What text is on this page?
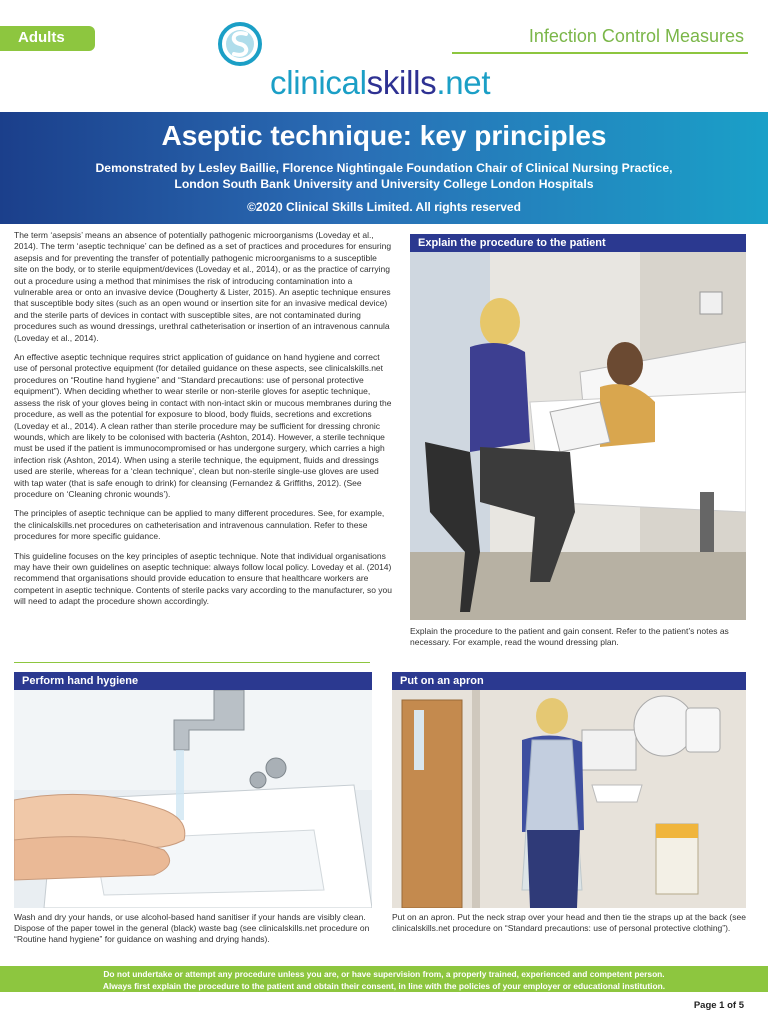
Adults	Infection Control Measures
clinicalskills.net
Aseptic technique: key principles
Demonstrated by Lesley Baillie, Florence Nightingale Foundation Chair of Clinical Nursing Practice,
London South Bank University and University College London Hospitals
©2020 Clinical Skills Limited. All rights reserved

The term ‘asepsis’ means an absence of potentially pathogenic microorganisms (Loveday et al., 2014). The term ‘aseptic technique’ can be defined as a set of practices and procedures for ensuring asepsis and for preventing the transfer of potentially pathogenic microorganisms to a susceptible site on the body, or to sterile equipment/devices (Loveday et al., 2014), or as the practice of carrying out a procedure using a method that minimises the risk of introducing contamination into a vulnerable area or onto an invasive device (Dougherty & Lister, 2015). An aseptic technique ensures that susceptible body sites (such as an open wound or insertion site for an invasive medical device) and the sterile parts of devices in contact with susceptible sites, are not contaminated during procedures such as wound dressings, urethral catheterisation or insertion of an intravenous cannula (Loveday et al., 2014).

An effective aseptic technique requires strict application of guidance on hand hygiene and correct use of personal protective equipment (for detailed guidance on these aspects, see clinicalskills.net procedures on “Routine hand hygiene” and “Standard precautions: use of personal protective equipment”). When deciding whether to wear sterile or non-sterile gloves for aseptic technique, assess the risk of your gloves being in contact with non-intact skin or mucous membranes during the procedure, as well as the potential for exposure to blood, body fluids, secretions and excretions (Loveday et al., 2014). A clean rather than sterile procedure may be sufficient for dressing chronic wounds, which are likely to be colonised with bacteria (Ashton, 2014). However, a sterile technique must be used if the patient is immunocompromised or has undergone surgery, which carries a high infection risk (Ashton, 2014). When using a sterile technique, the equipment, fluids and dressings used are sterile, whereas for a ‘clean technique’, clean but non-sterile single-use gloves are used with tap water (that is safe enough to drink) for cleansing (Fernandez & Griffiths, 2012). (See procedure on ‘Cleaning chronic wounds’).

The principles of aseptic technique can be applied to many different procedures. See, for example, the clinicalskills.net procedures on catheterisation and intravenous cannulation. Refer to these procedures for more specific guidance.

This guideline focuses on the key principles of aseptic technique. Note that individual organisations may have their own guidelines on aseptic technique: always follow local policy. Loveday et al. (2014) recommend that organisations should provide education to ensure that healthcare workers are competent in aseptic technique. Contents of sterile packs vary according to the manufacturer, so you will need to adapt the procedure shown accordingly.

Explain the procedure to the patient
Explain the procedure to the patient and gain consent. Refer to the patient’s notes as necessary. For example, read the wound dressing plan.
Perform hand hygiene
Wash and dry your hands, or use alcohol-based hand sanitiser if your hands are visibly clean. Dispose of the paper towel in the general (black) waste bag (see clinicalskills.net procedure on “Routine hand hygiene” for guidance on washing and drying hands).
Put on an apron
Put on an apron. Put the neck strap over your head and then tie the straps up at the back (see clinicalskills.net procedure on “Standard precautions: use of personal protective clothing”).
Do not undertake or attempt any procedure unless you are, or have supervision from, a properly trained, experienced and competent person.
Always first explain the procedure to the patient and obtain their consent, in line with the policies of your employer or educational institution.
Page 1 of 5
